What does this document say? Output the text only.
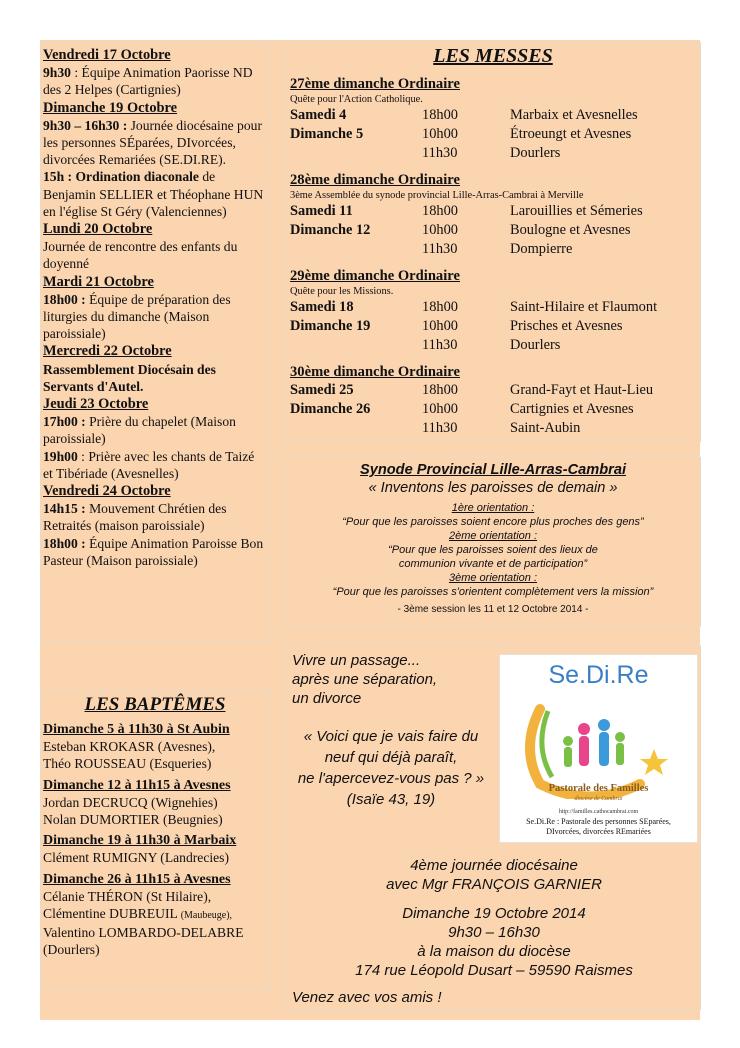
Vendredi 17 Octobre
9h30 : Équipe Animation Paorisse ND des 2 Helpes (Cartignies)
Dimanche 19 Octobre
9h30 – 16h30 : Journée diocésaine pour les personnes SÉparées, DIvorcées, divorcées Remariées (SE.DI.RE).
15h : Ordination diaconale de Benjamin SELLIER et Théophane HUN en l'église St Géry (Valenciennes)
Lundi 20 Octobre
Journée de rencontre des enfants du doyenné
Mardi 21 Octobre
18h00 : Équipe de préparation des liturgies du dimanche (Maison paroissiale)
Mercredi 22 Octobre
Rassemblement Diocésain des Servants d'Autel.
Jeudi 23 Octobre
17h00 : Prière du chapelet (Maison paroissiale)
19h00 : Prière avec les chants de Taizé et Tibériade (Avesnelles)
Vendredi 24 Octobre
14h15 : Mouvement Chrétien des Retraités (maison paroissiale)
18h00 : Équipe Animation Paroisse Bon Pasteur (Maison paroissiale)
LES BAPTÊMES
Dimanche 5 à 11h30 à St Aubin
Esteban KROKASR (Avesnes),
Théo ROUSSEAU (Esqueries)
Dimanche 12 à 11h15 à Avesnes
Jordan DECRUCQ (Wignehies)
Nolan DUMORTIER (Beugnies)
Dimanche 19 à 11h30 à Marbaix
Clément RUMIGNY (Landrecies)
Dimanche 26 à 11h15 à Avesnes
Célanie THÉRON (St Hilaire),
Clémentine DUBREUIL (Maubeuge),
Valentino LOMBARDO-DELABRE (Dourlers)
LES MESSES
27ème dimanche Ordinaire
Quête pour l'Action Catholique.
Samedi 4	18h00	Marbaix et Avesnelles
Dimanche 5	10h00	Étroeungt et Avesnes
11h30	Dourlers
28ème dimanche Ordinaire
3ème Assemblée du synode provincial Lille-Arras-Cambrai à Merville
Samedi 11	18h00	Larouillies et Sémeries
Dimanche 12	10h00	Boulogne et Avesnes
11h30	Dompierre
29ème dimanche Ordinaire
Quête pour les Missions.
Samedi 18	18h00	Saint-Hilaire et Flaumont
Dimanche 19	10h00	Prisches et Avesnes
11h30	Dourlers
30ème dimanche Ordinaire
Samedi 25	18h00	Grand-Fayt et Haut-Lieu
Dimanche 26	10h00	Cartignies et Avesnes
11h30	Saint-Aubin
Synode Provincial Lille-Arras-Cambrai
« Inventons les paroisses de demain »
1ère orientation :
“Pour que les paroisses soient encore plus proches des gens”
2ème orientation :
“Pour que les paroisses soient des lieux de communion vivante et de participation”
3ème orientation :
“Pour que les paroisses s'orientent complètement vers la mission”
- 3ème session les 11 et 12 Octobre 2014 -
Vivre un passage...
après une séparation,
un divorce
« Voici que je vais faire du
neuf qui déjà paraît,
ne l'apercevez-vous pas ? »
(Isaïe 43, 19)
Se.Di.Re
Pastorale des Familles
diocèse de Cambrai
http://familles.cathocambrai.com
Se.Di.Re : Pastorale des personnes SEparées, DIvorcées, divorcées REmariées
4ème journée diocésaine
avec Mgr FRANÇOIS GARNIER
Dimanche 19 Octobre 2014
9h30 – 16h30
à la maison du diocèse
174 rue Léopold Dusart – 59590 Raismes
Venez avec vos amis !
